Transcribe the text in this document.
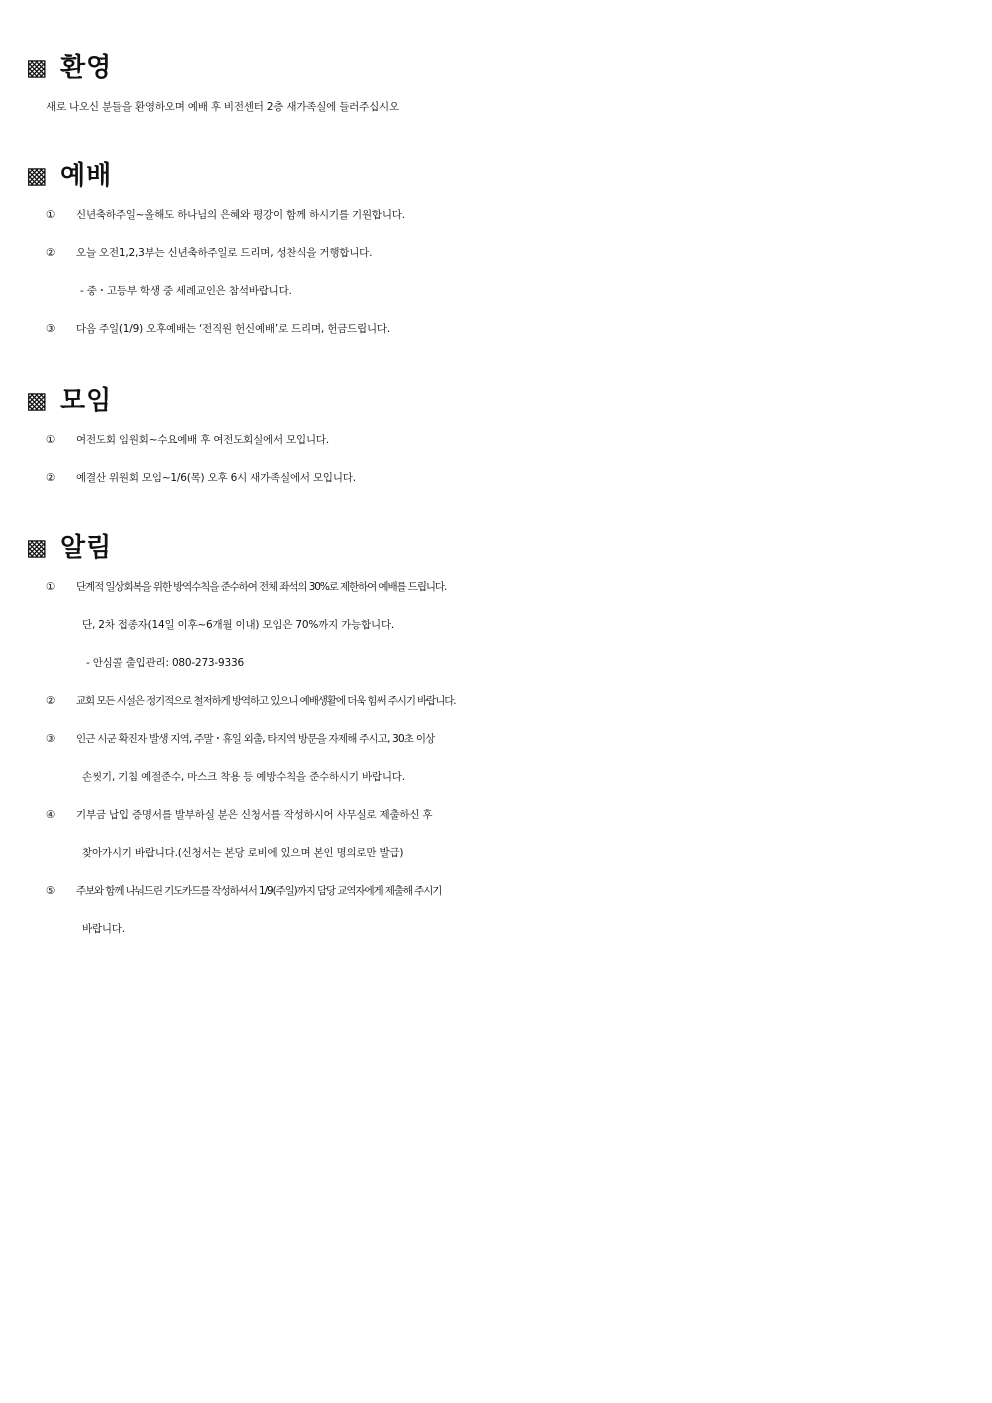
▩ 환영
새로 나오신 분들을 환영하오며 예배 후 비전센터 2층 새가족실에 들러주십시오
▩ 예배
① 신년축하주일~올해도 하나님의 은혜와 평강이 함께 하시기를 기원합니다.
② 오늘 오전1,2,3부는 신년축하주일로 드리며, 성찬식을 거행합니다.
- 중・고등부 학생 중 세례교인은 참석바랍니다.
③ 다음 주일(1/9) 오후예배는 ‘전직원 헌신예배’로 드리며, 헌금드립니다.
▩ 모임
① 여전도회 임원회~수요예배 후 여전도회실에서 모입니다.
② 예결산 위원회 모임~1/6(목) 오후 6시 새가족실에서 모입니다.
▩ 알림
① 단계적 일상회복을 위한 방역수칙을 준수하여 전체 좌석의 30%로 제한하여 예배를 드립니다.
단, 2차 접종자(14일 이후~6개월 이내) 모임은 70%까지 가능합니다.
- 안심콜 출입관리: 080-273-9336
② 교회 모든 시설은 정기적으로 철저하게 방역하고 있으니 예배생활에 더욱 힘써 주시기 바랍니다.
③ 인근 시군 확진자 발생 지역, 주말・휴일 외출, 타지역 방문을 자제해 주시고, 30초 이상
손씻기, 기침 예절준수, 마스크 착용 등 예방수칙을 준수하시기 바랍니다.
④ 기부금 납입 증명서를 발부하실 분은 신청서를 작성하시어 사무실로 제출하신 후
찾아가시기 바랍니다.(신청서는 본당 로비에 있으며 본인 명의로만 발급)
⑤ 주보와 함께 나눠드린 기도카드를 작성하셔서 1/9(주일)까지 담당 교역자에게 제출해 주시기
바랍니다.
